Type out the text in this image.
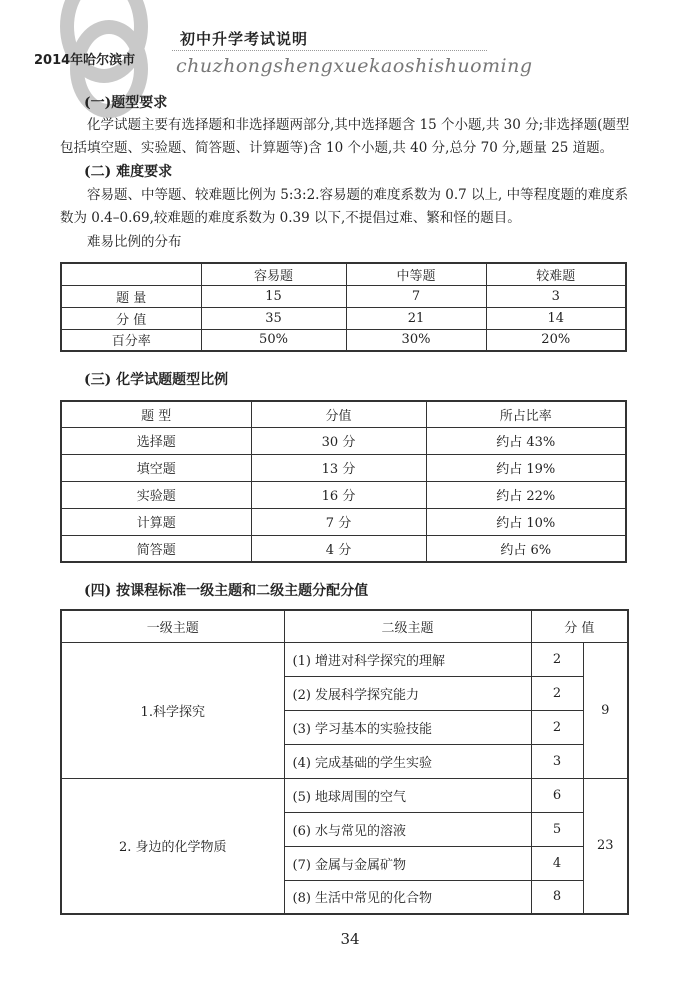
初中升学考试说明
2014年哈尔滨市 chuzhongshengxuekaoshishuoming
(一)题型要求
化学试题主要有选择题和非选择题两部分,其中选择题含 15 个小题,共 30 分;非选择题(题型包括填空题、实验题、简答题、计算题等)含 10 个小题,共 40 分,总分 70 分,题量 25 道题。
(二) 难度要求
容易题、中等题、较难题比例为 5:3:2.容易题的难度系数为 0.7 以上, 中等程度题的难度系数为 0.4–0.69,较难题的难度系数为 0.39 以下,不提倡过难、繁和怪的题目。
难易比例的分布
	容易题	中等题	较难题
题 量	15	7	3
分 值	35	21	14
百分率	50%	30%	20%
(三) 化学试题题型比例
题 型	分值	所占比率
选择题	30 分	约占 43%
填空题	13 分	约占 19%
实验题	16 分	约占 22%
计算题	7 分	约占 10%
简答题	4 分	约占 6%
(四) 按课程标准一级主题和二级主题分配分值
一级主题	二级主题	分 值	
1.科学探究	(1) 增进对科学探究的理解	2	9
	(2) 发展科学探究能力	2	
	(3) 学习基本的实验技能	2	
	(4) 完成基础的学生实验	3	
2. 身边的化学物质	(5) 地球周围的空气	6	23
	(6) 水与常见的溶液	5	
	(7) 金属与金属矿物	4	
	(8) 生活中常见的化合物	8	
34
